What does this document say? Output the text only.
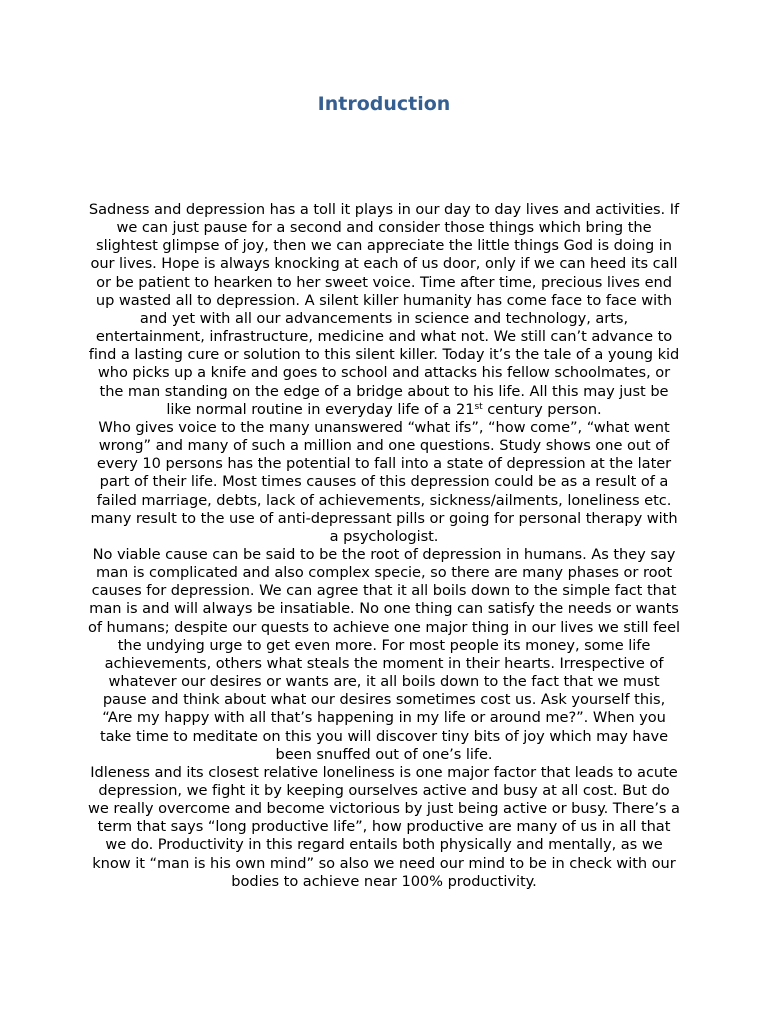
Introduction

Sadness and depression has a toll it plays in our day to day lives and activities. If we can just pause for a second and consider those things which bring the slightest glimpse of joy, then we can appreciate the little things God is doing in our lives. Hope is always knocking at each of us door, only if we can heed its call or be patient to hearken to her sweet voice. Time after time, precious lives end up wasted all to depression. A silent killer humanity has come face to face with and yet with all our advancements in science and technology, arts, entertainment, infrastructure, medicine and what not. We still can’t advance to find a lasting cure or solution to this silent killer. Today it’s the tale of a young kid who picks up a knife and goes to school and attacks his fellow schoolmates, or the man standing on the edge of a bridge about to his life. All this may just be like normal routine in everyday life of a 21st century person.

Who gives voice to the many unanswered “what ifs”, “how come”, “what went wrong” and many of such a million and one questions. Study shows one out of every 10 persons has the potential to fall into a state of depression at the later part of their life. Most times causes of this depression could be as a result of a failed marriage, debts, lack of achievements, sickness/ailments, loneliness etc. many result to the use of anti-depressant pills or going for personal therapy with a psychologist.

No viable cause can be said to be the root of depression in humans. As they say man is complicated and also complex specie, so there are many phases or root causes for depression. We can agree that it all boils down to the simple fact that man is and will always be insatiable. No one thing can satisfy the needs or wants of humans; despite our quests to achieve one major thing in our lives we still feel the undying urge to get even more. For most people its money, some life achievements, others what steals the moment in their hearts. Irrespective of whatever our desires or wants are, it all boils down to the fact that we must pause and think about what our desires sometimes cost us. Ask yourself this, “Are my happy with all that’s happening in my life or around me?”. When you take time to meditate on this you will discover tiny bits of joy which may have been snuffed out of one’s life.

Idleness and its closest relative loneliness is one major factor that leads to acute depression, we fight it by keeping ourselves active and busy at all cost. But do we really overcome and become victorious by just being active or busy. There’s a term that says “long productive life”, how productive are many of us in all that we do. Productivity in this regard entails both physically and mentally, as we know it “man is his own mind” so also we need our mind to be in check with our bodies to achieve near 100% productivity.
